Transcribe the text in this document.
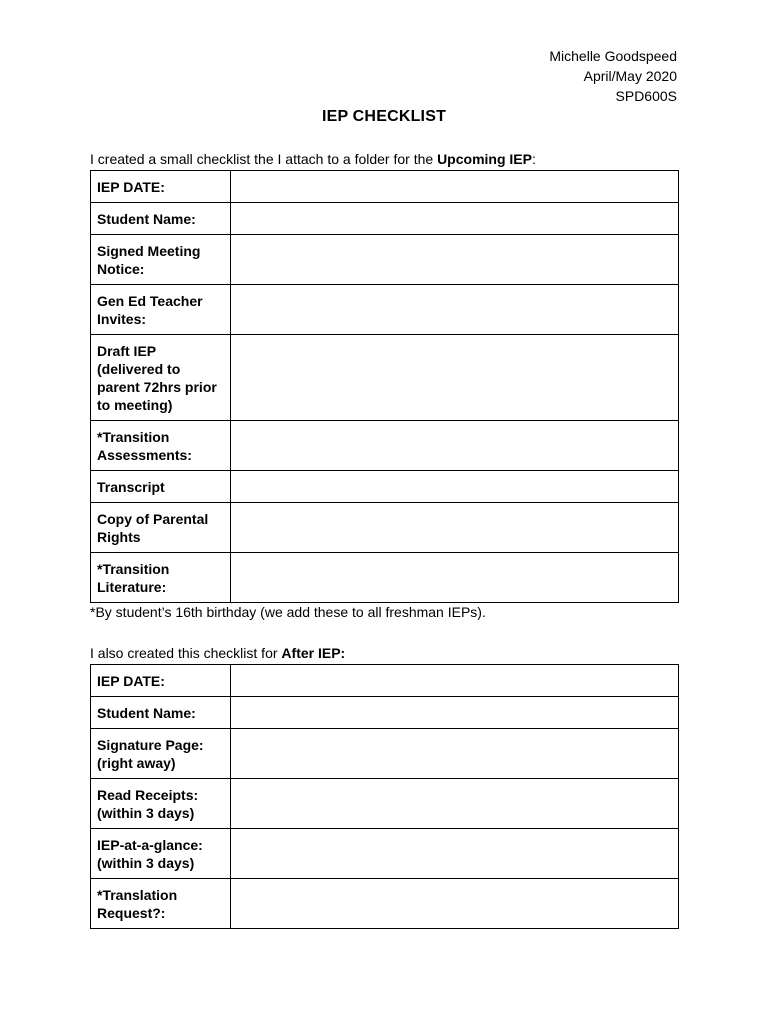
Michelle Goodspeed
April/May 2020
SPD600S
IEP CHECKLIST
I created a small checklist the I attach to a folder for the Upcoming IEP:
IEP DATE:	
Student Name:	
Signed Meeting Notice:	
Gen Ed Teacher Invites:	
Draft IEP (delivered to parent 72hrs prior to meeting)	
*Transition Assessments:	
Transcript	
Copy of Parental Rights	
*Transition Literature:	
*By student’s 16th birthday (we add these to all freshman IEPs).
I also created this checklist for After IEP:
IEP DATE:	
Student Name:	
Signature Page: (right away)	
Read Receipts: (within 3 days)	
IEP-at-a-glance: (within 3 days)	
*Translation Request?:	
